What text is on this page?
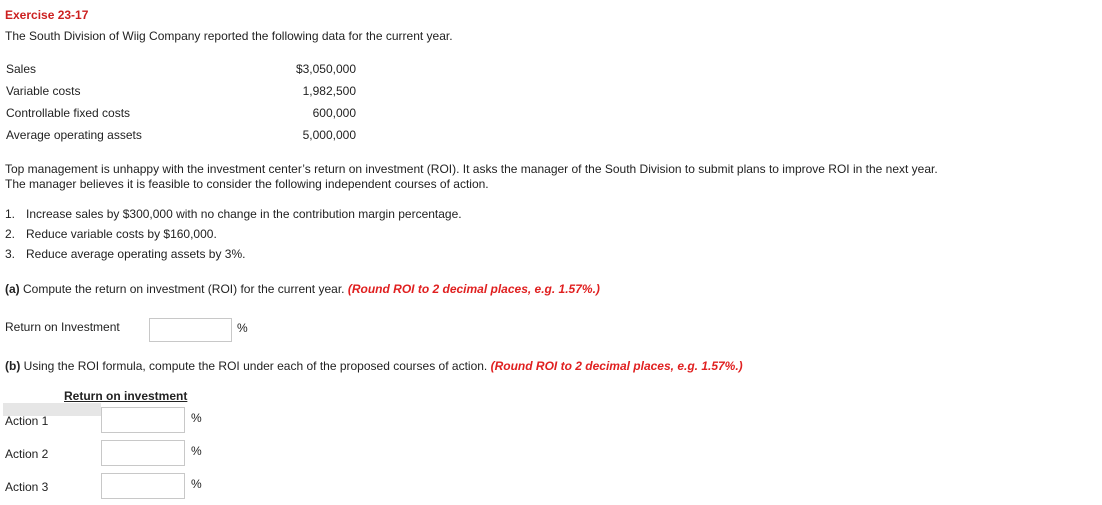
Exercise 23-17
The South Division of Wiig Company reported the following data for the current year.
Sales	$3,050,000
Variable costs	1,982,500
Controllable fixed costs	600,000
Average operating assets	5,000,000
Top management is unhappy with the investment center’s return on investment (ROI). It asks the manager of the South Division to submit plans to improve ROI in the next year.
The manager believes it is feasible to consider the following independent courses of action.
1. Increase sales by $300,000 with no change in the contribution margin percentage.
2. Reduce variable costs by $160,000.
3. Reduce average operating assets by 3%.
(a) Compute the return on investment (ROI) for the current year. (Round ROI to 2 decimal places, e.g. 1.57%.)
Return on Investment	%
(b) Using the ROI formula, compute the ROI under each of the proposed courses of action. (Round ROI to 2 decimal places, e.g. 1.57%.)
Return on investment
Action 1	%
Action 2	%
Action 3	%
